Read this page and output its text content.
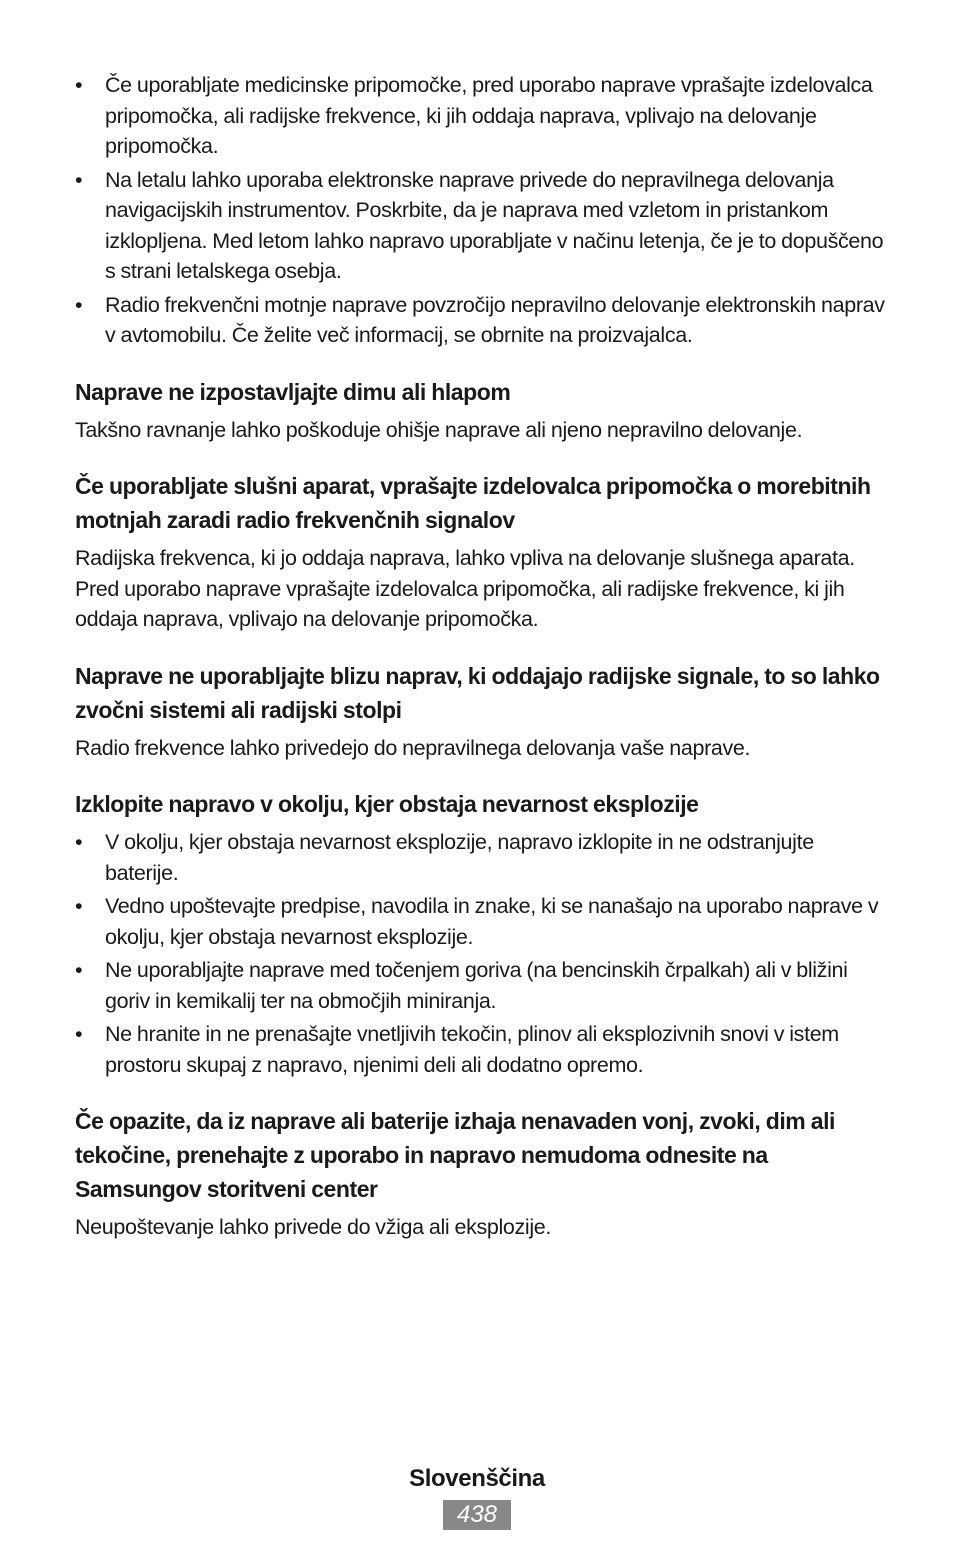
•	Če uporabljate medicinske pripomočke, pred uporabo naprave vprašajte izdelovalca pripomočka, ali radijske frekvence, ki jih oddaja naprava, vplivajo na delovanje pripomočka.
•	Na letalu lahko uporaba elektronske naprave privede do nepravilnega delovanja navigacijskih instrumentov. Poskrbite, da je naprava med vzletom in pristankom izklopljena. Med letom lahko napravo uporabljate v načinu letenja, če je to dopuščeno s strani letalskega osebja.
•	Radio frekvenčni motnje naprave povzročijo nepravilno delovanje elektronskih naprav v avtomobilu. Če želite več informacij, se obrnite na proizvajalca.
Naprave ne izpostavljajte dimu ali hlapom

Takšno ravnanje lahko poškoduje ohišje naprave ali njeno nepravilno delovanje.

Če uporabljate slušni aparat, vprašajte izdelovalca pripomočka o morebitnih motnjah zaradi radio frekvenčnih signalov

Radijska frekvenca, ki jo oddaja naprava, lahko vpliva na delovanje slušnega aparata. Pred uporabo naprave vprašajte izdelovalca pripomočka, ali radijske frekvence, ki jih oddaja naprava, vplivajo na delovanje pripomočka.

Naprave ne uporabljajte blizu naprav, ki oddajajo radijske signale, to so lahko zvočni sistemi ali radijski stolpi

Radio frekvence lahko privedejo do nepravilnega delovanja vaše naprave.

Izklopite napravo v okolju, kjer obstaja nevarnost eksplozije
•	V okolju, kjer obstaja nevarnost eksplozije, napravo izklopite in ne odstranjujte baterije.
•	Vedno upoštevajte predpise, navodila in znake, ki se nanašajo na uporabo naprave v okolju, kjer obstaja nevarnost eksplozije.
•	Ne uporabljajte naprave med točenjem goriva (na bencinskih črpalkah) ali v bližini goriv in kemikalij ter na območjih miniranja.
•	Ne hranite in ne prenašajte vnetljivih tekočin, plinov ali eksplozivnih snovi v istem prostoru skupaj z napravo, njenimi deli ali dodatno opremo.
Če opazite, da iz naprave ali baterije izhaja nenavaden vonj, zvoki, dim ali tekočine, prenehajte z uporabo in napravo nemudoma odnesite na Samsungov storitveni center

Neupoštevanje lahko privede do vžiga ali eksplozije.

Slovenščina
438
